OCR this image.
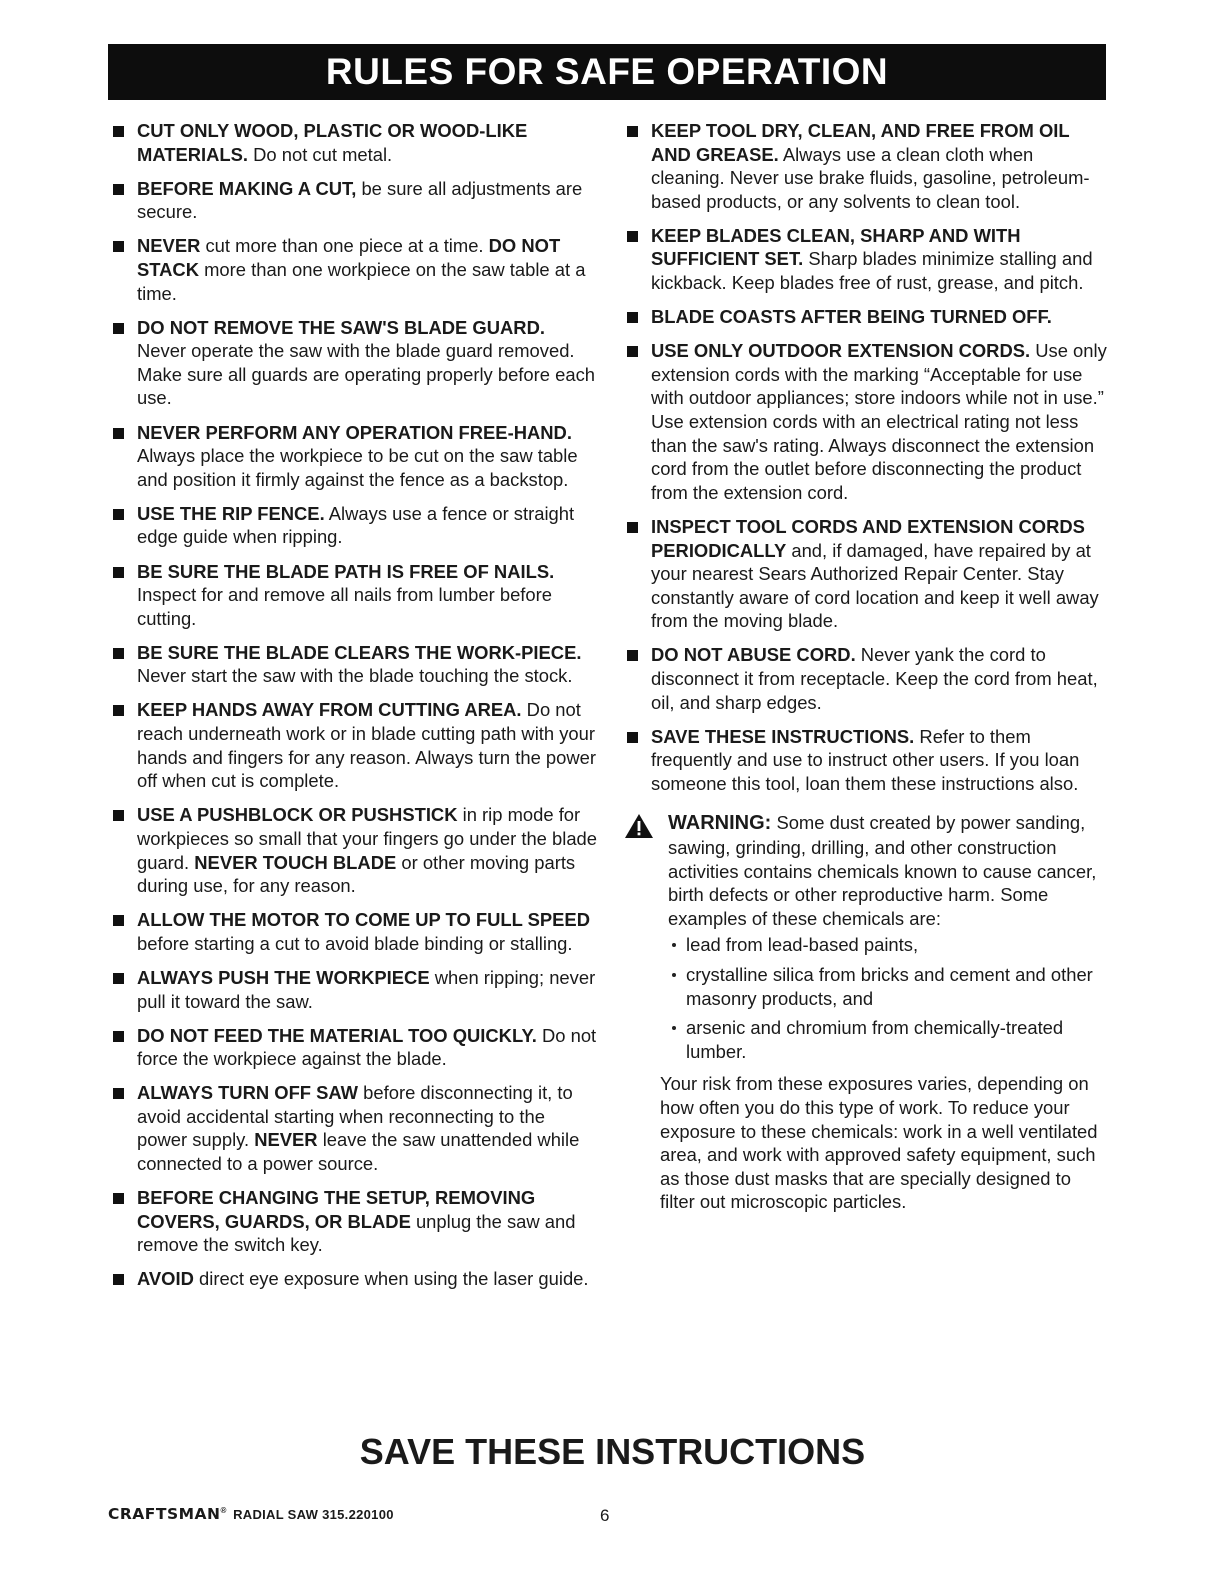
RULES FOR SAFE OPERATION
CUT ONLY WOOD, PLASTIC OR WOOD-LIKE MATERIALS. Do not cut metal.
BEFORE MAKING A CUT, be sure all adjustments are secure.
NEVER cut more than one piece at a time. DO NOT STACK more than one workpiece on the saw table at a time.
DO NOT REMOVE THE SAW'S BLADE GUARD. Never operate the saw with the blade guard removed. Make sure all guards are operating properly before each use.
NEVER PERFORM ANY OPERATION FREE-HAND. Always place the workpiece to be cut on the saw table and position it firmly against the fence as a backstop.
USE THE RIP FENCE. Always use a fence or straight edge guide when ripping.
BE SURE THE BLADE PATH IS FREE OF NAILS. Inspect for and remove all nails from lumber before cutting.
BE SURE THE BLADE CLEARS THE WORK-PIECE. Never start the saw with the blade touching the stock.
KEEP HANDS AWAY FROM CUTTING AREA. Do not reach underneath work or in blade cutting path with your hands and fingers for any reason. Always turn the power off when cut is complete.
USE A PUSHBLOCK OR PUSHSTICK in rip mode for workpieces so small that your fingers go under the blade guard. NEVER TOUCH BLADE or other moving parts during use, for any reason.
ALLOW THE MOTOR TO COME UP TO FULL SPEED before starting a cut to avoid blade binding or stalling.
ALWAYS PUSH THE WORKPIECE when ripping; never pull it toward the saw.
DO NOT FEED THE MATERIAL TOO QUICKLY. Do not force the workpiece against the blade.
ALWAYS TURN OFF SAW before disconnecting it, to avoid accidental starting when reconnecting to the power supply. NEVER leave the saw unattended while connected to a power source.
BEFORE CHANGING THE SETUP, REMOVING COVERS, GUARDS, OR BLADE unplug the saw and remove the switch key.
AVOID direct eye exposure when using the laser guide.
KEEP TOOL DRY, CLEAN, AND FREE FROM OIL AND GREASE. Always use a clean cloth when cleaning. Never use brake fluids, gasoline, petroleum-based products, or any solvents to clean tool.
KEEP BLADES CLEAN, SHARP AND WITH SUFFICIENT SET. Sharp blades minimize stalling and kickback. Keep blades free of rust, grease, and pitch.
BLADE COASTS AFTER BEING TURNED OFF.
USE ONLY OUTDOOR EXTENSION CORDS. Use only extension cords with the marking “Acceptable for use with outdoor appliances; store indoors while not in use.” Use extension cords with an electrical rating not less than the saw's rating. Always disconnect the extension cord from the outlet before disconnecting the product from the extension cord.
INSPECT TOOL CORDS AND EXTENSION CORDS PERIODICALLY and, if damaged, have repaired by at your nearest Sears Authorized Repair Center. Stay constantly aware of cord location and keep it well away from the moving blade.
DO NOT ABUSE CORD. Never yank the cord to disconnect it from receptacle. Keep the cord from heat, oil, and sharp edges.
SAVE THESE INSTRUCTIONS. Refer to them frequently and use to instruct other users. If you loan someone this tool, loan them these instructions also.
WARNING: Some dust created by power sanding, sawing, grinding, drilling, and other construction activities contains chemicals known to cause cancer, birth defects or other reproductive harm. Some examples of these chemicals are:
lead from lead-based paints,
crystalline silica from bricks and cement and other masonry products, and
arsenic and chromium from chemically-treated lumber.
Your risk from these exposures varies, depending on how often you do this type of work. To reduce your exposure to these chemicals: work in a well ventilated area, and work with approved safety equipment, such as those dust masks that are specially designed to filter out microscopic particles.
SAVE THESE INSTRUCTIONS
CRAFTSMAN® RADIAL SAW 315.220100	6
